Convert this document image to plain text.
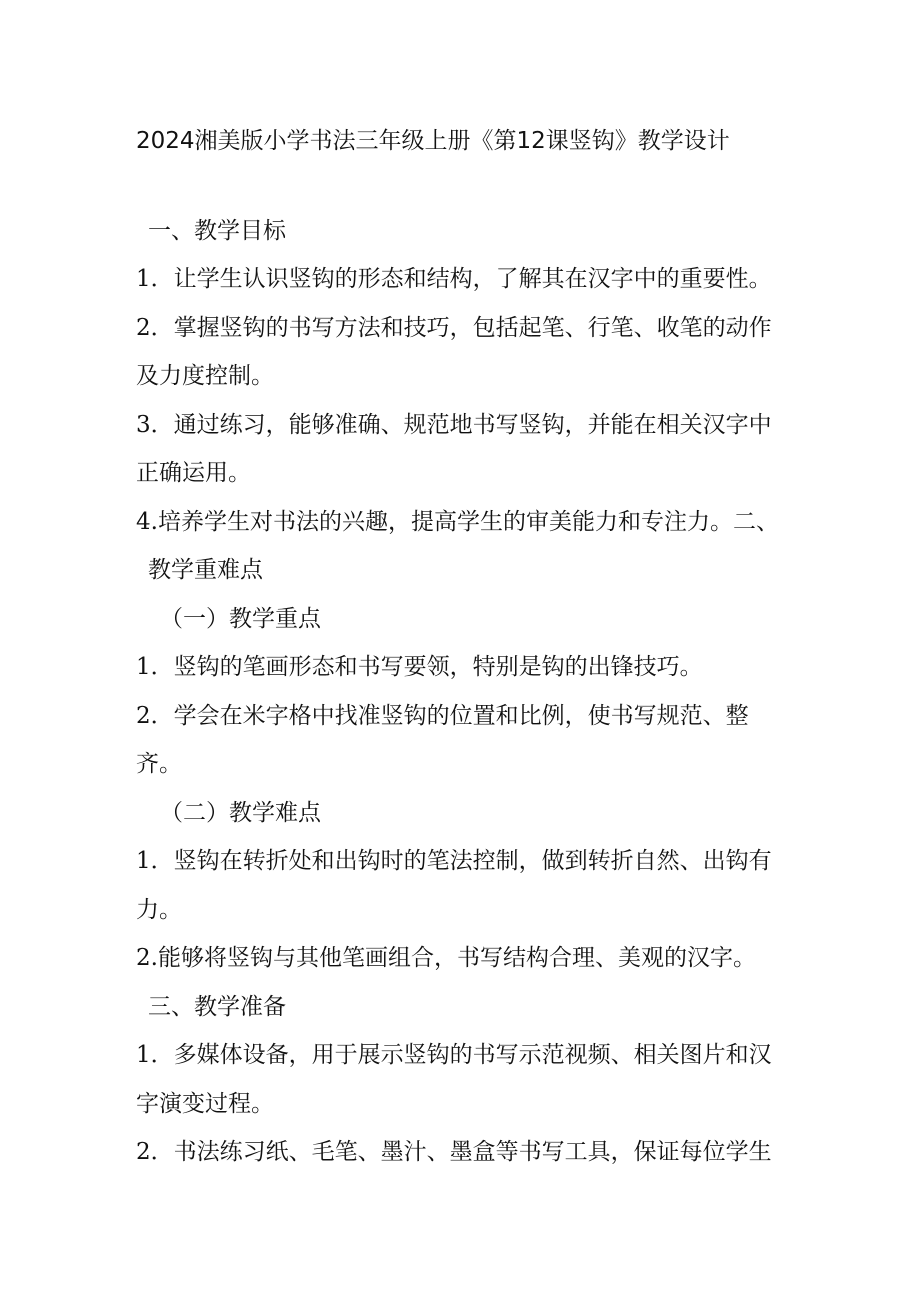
2024湘美版小学书法三年级上册《第12课竖钩》教学设计
一、教学目标
1．让学生认识竖钩的形态和结构，了解其在汉字中的重要性。
2．掌握竖钩的书写方法和技巧，包括起笔、行笔、收笔的动作
及力度控制。
3．通过练习，能够准确、规范地书写竖钩，并能在相关汉字中
正确运用。
4.培养学生对书法的兴趣，提高学生的审美能力和专注力。二、
教学重难点
（一）教学重点
1．竖钩的笔画形态和书写要领，特别是钩的出锋技巧。
2．学会在米字格中找准竖钩的位置和比例，使书写规范、整
齐。
（二）教学难点
1．竖钩在转折处和出钩时的笔法控制，做到转折自然、出钩有
力。
2.能够将竖钩与其他笔画组合，书写结构合理、美观的汉字。
三、教学准备
1．多媒体设备，用于展示竖钩的书写示范视频、相关图片和汉
字演变过程。
2．书法练习纸、毛笔、墨汁、墨盒等书写工具，保证每位学生
